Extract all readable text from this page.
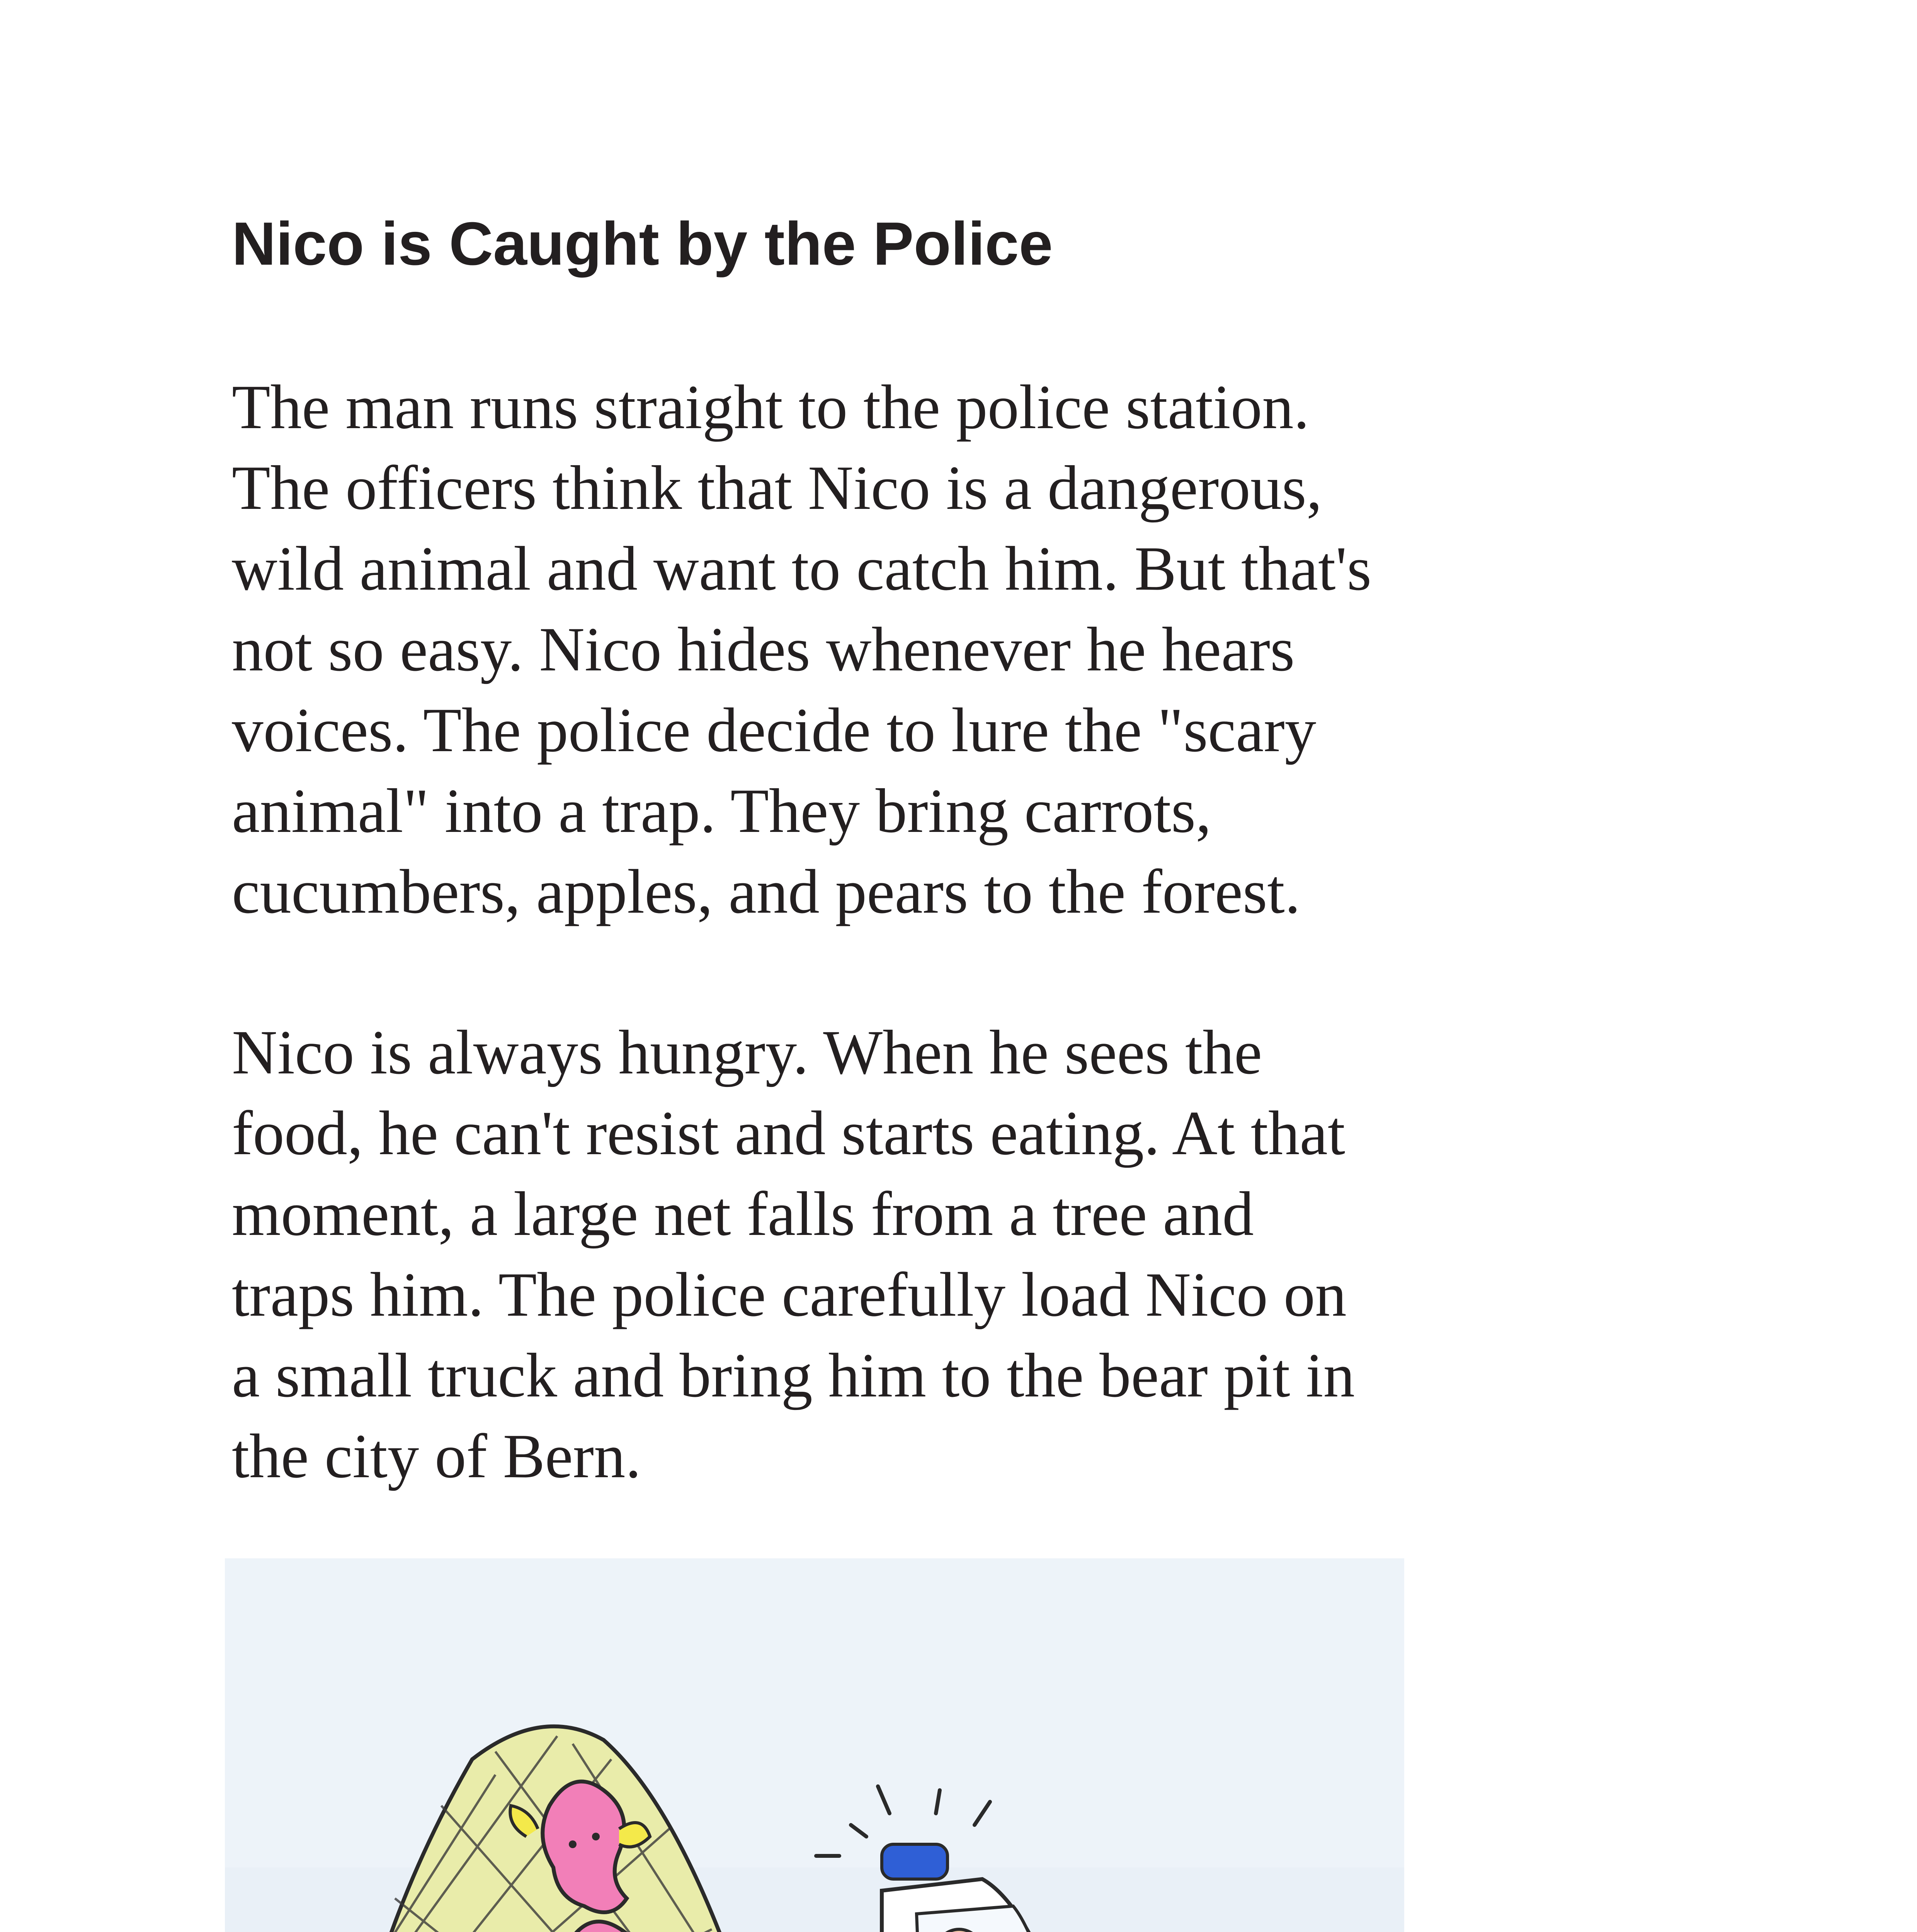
Nico is Caught by the Police
The man runs straight to the police station.
The officers think that Nico is a dangerous,
wild animal and want to catch him. But that's
not so easy. Nico hides whenever he hears
voices. The police decide to lure the "scary
animal" into a trap. They bring carrots,
cucumbers, apples, and pears to the forest.
Nico is always hungry. When he sees the
food, he can't resist and starts eating. At that
moment, a large net falls from a tree and
traps him. The police carefully load Nico on
a small truck and bring him to the bear pit in
the city of Bern.
